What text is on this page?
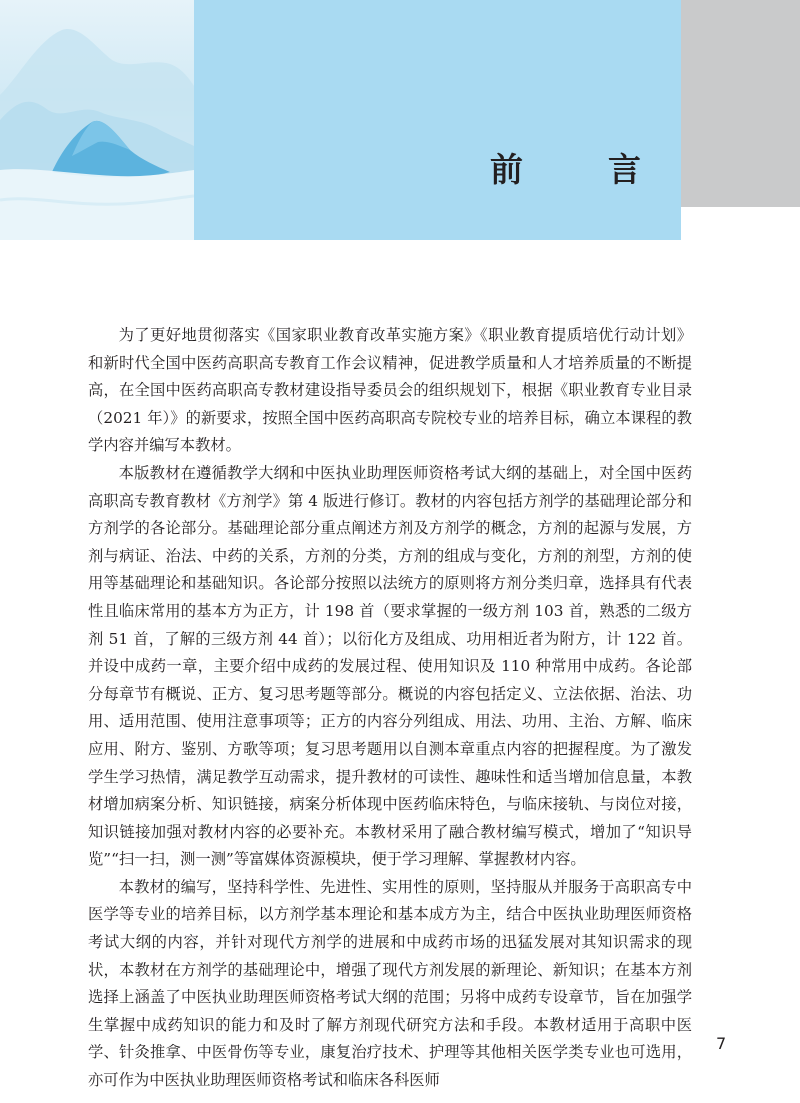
前　言

为了更好地贯彻落实《国家职业教育改革实施方案》《职业教育提质培优行动计划》和新时代全国中医药高职高专教育工作会议精神，促进教学质量和人才培养质量的不断提高，在全国中医药高职高专教材建设指导委员会的组织规划下，根据《职业教育专业目录（2021 年）》的新要求，按照全国中医药高职高专院校专业的培养目标，确立本课程的教学内容并编写本教材。

本版教材在遵循教学大纲和中医执业助理医师资格考试大纲的基础上，对全国中医药高职高专教育教材《方剂学》第 4 版进行修订。教材的内容包括方剂学的基础理论部分和方剂学的各论部分。基础理论部分重点阐述方剂及方剂学的概念，方剂的起源与发展，方剂与病证、治法、中药的关系，方剂的分类，方剂的组成与变化，方剂的剂型，方剂的使用等基础理论和基础知识。各论部分按照以法统方的原则将方剂分类归章，选择具有代表性且临床常用的基本方为正方，计 198 首（要求掌握的一级方剂 103 首，熟悉的二级方剂 51 首，了解的三级方剂 44 首）；以衍化方及组成、功用相近者为附方，计 122 首。并设中成药一章，主要介绍中成药的发展过程、使用知识及 110 种常用中成药。各论部分每章节有概说、正方、复习思考题等部分。概说的内容包括定义、立法依据、治法、功用、适用范围、使用注意事项等；正方的内容分列组成、用法、功用、主治、方解、临床应用、附方、鉴别、方歌等项；复习思考题用以自测本章重点内容的把握程度。为了激发学生学习热情，满足教学互动需求，提升教材的可读性、趣味性和适当增加信息量，本教材增加病案分析、知识链接，病案分析体现中医药临床特色，与临床接轨、与岗位对接，知识链接加强对教材内容的必要补充。本教材采用了融合教材编写模式，增加了“知识导览”“扫一扫，测一测”等富媒体资源模块，便于学习理解、掌握教材内容。

本教材的编写，坚持科学性、先进性、实用性的原则，坚持服从并服务于高职高专中医学等专业的培养目标，以方剂学基本理论和基本成方为主，结合中医执业助理医师资格考试大纲的内容，并针对现代方剂学的进展和中成药市场的迅猛发展对其知识需求的现状，本教材在方剂学的基础理论中，增强了现代方剂发展的新理论、新知识；在基本方剂选择上涵盖了中医执业助理医师资格考试大纲的范围；另将中成药专设章节，旨在加强学生掌握中成药知识的能力和及时了解方剂现代研究方法和手段。本教材适用于高职中医学、针灸推拿、中医骨伤等专业，康复治疗技术、护理等其他相关医学类专业也可选用，亦可作为中医执业助理医师资格考试和临床各科医师

7
